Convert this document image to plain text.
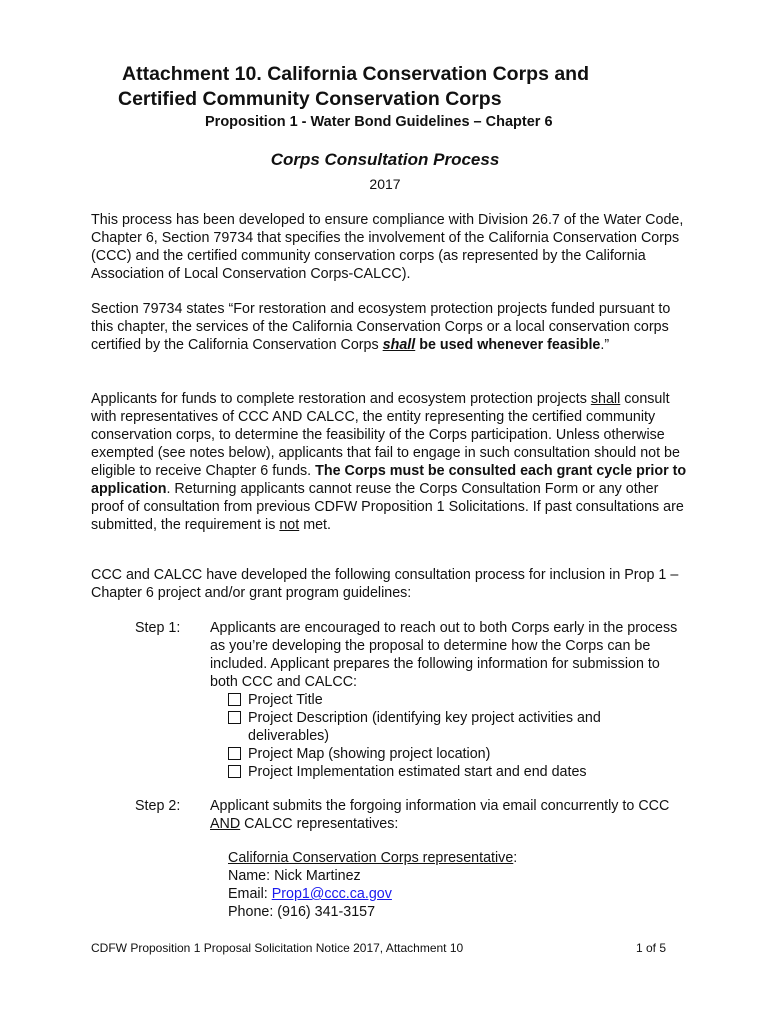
Attachment 10. California Conservation Corps and
Certified Community Conservation Corps

Proposition 1 - Water Bond Guidelines – Chapter 6

Corps Consultation Process

2017

This process has been developed to ensure compliance with Division 26.7 of the Water Code, Chapter 6, Section 79734 that specifies the involvement of the California Conservation Corps (CCC) and the certified community conservation corps (as represented by the California Association of Local Conservation Corps-CALCC).

Section 79734 states “For restoration and ecosystem protection projects funded pursuant to this chapter, the services of the California Conservation Corps or a local conservation corps certified by the California Conservation Corps shall be used whenever feasible.”

Applicants for funds to complete restoration and ecosystem protection projects shall consult with representatives of CCC AND CALCC, the entity representing the certified community conservation corps, to determine the feasibility of the Corps participation. Unless otherwise exempted (see notes below), applicants that fail to engage in such consultation should not be eligible to receive Chapter 6 funds. The Corps must be consulted each grant cycle prior to application. Returning applicants cannot reuse the Corps Consultation Form or any other proof of consultation from previous CDFW Proposition 1 Solicitations. If past consultations are submitted, the requirement is not met.

CCC and CALCC have developed the following consultation process for inclusion in Prop 1 – Chapter 6 project and/or grant program guidelines:

Step 1: Applicants are encouraged to reach out to both Corps early in the process as you’re developing the proposal to determine how the Corps can be included. Applicant prepares the following information for submission to both CCC and CALCC:
Project Title
Project Description (identifying key project activities and deliverables)
Project Map (showing project location)
Project Implementation estimated start and end dates
Step 2: Applicant submits the forgoing information via email concurrently to CCC AND CALCC representatives:
California Conservation Corps representative:
Name: Nick Martinez
Email: Prop1@ccc.ca.gov
Phone: (916) 341-3157
CDFW Proposition 1 Proposal Solicitation Notice 2017, Attachment 10	1 of 5
